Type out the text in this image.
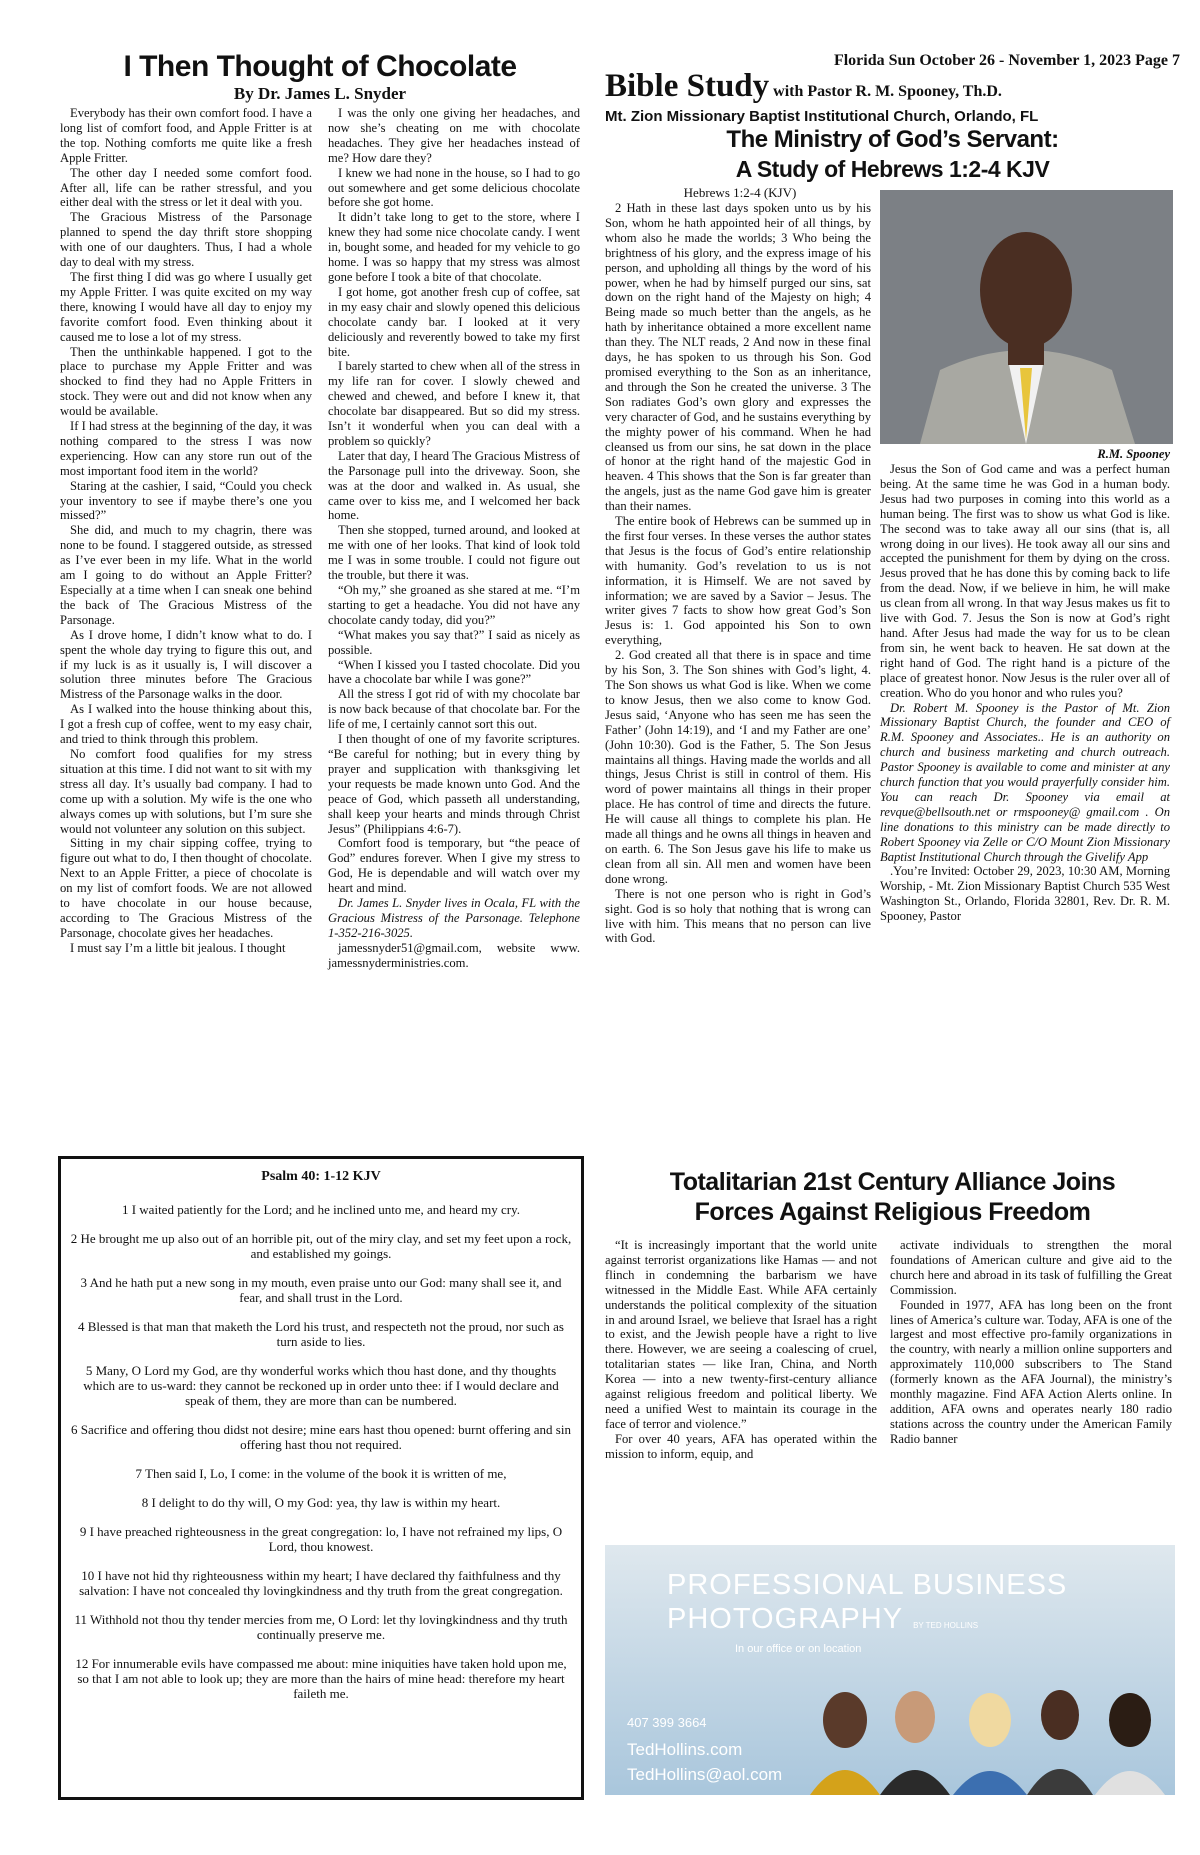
Florida Sun October 26 - November 1, 2023 Page 7
I Then Thought of Chocolate
By Dr. James L. Snyder

Everybody has their own comfort food. I have a long list of comfort food, and Apple Fritter is at the top. Nothing comforts me quite like a fresh Apple Fritter.

The other day I needed some comfort food. After all, life can be rather stressful, and you either deal with the stress or let it deal with you.

The Gracious Mistress of the Parsonage planned to spend the day thrift store shopping with one of our daughters. Thus, I had a whole day to deal with my stress.

The first thing I did was go where I usually get my Apple Fritter. I was quite excited on my way there, knowing I would have all day to enjoy my favorite comfort food. Even thinking about it caused me to lose a lot of my stress.

Then the unthinkable happened. I got to the place to purchase my Apple Fritter and was shocked to find they had no Apple Fritters in stock. They were out and did not know when any would be available.

If I had stress at the beginning of the day, it was nothing compared to the stress I was now experiencing. How can any store run out of the most important food item in the world?

Staring at the cashier, I said, “Could you check your inventory to see if maybe there’s one you missed?”

She did, and much to my chagrin, there was none to be found. I staggered outside, as stressed as I’ve ever been in my life. What in the world am I going to do without an Apple Fritter? Especially at a time when I can sneak one behind the back of The Gracious Mistress of the Parsonage.

As I drove home, I didn’t know what to do. I spent the whole day trying to figure this out, and if my luck is as it usually is, I will discover a solution three minutes before The Gracious Mistress of the Parsonage walks in the door.

As I walked into the house thinking about this, I got a fresh cup of coffee, went to my easy chair, and tried to think through this problem.

No comfort food qualifies for my stress situation at this time. I did not want to sit with my stress all day. It’s usually bad company. I had to come up with a solution. My wife is the one who always comes up with solutions, but I’m sure she would not volunteer any solution on this subject.

Sitting in my chair sipping coffee, trying to figure out what to do, I then thought of chocolate. Next to an Apple Fritter, a piece of chocolate is on my list of comfort foods. We are not allowed to have chocolate in our house because, according to The Gracious Mistress of the Parsonage, chocolate gives her headaches.

I must say I’m a little bit jealous. I thought

I was the only one giving her headaches, and now she’s cheating on me with chocolate headaches. They give her headaches instead of me? How dare they?

I knew we had none in the house, so I had to go out somewhere and get some delicious chocolate before she got home.

It didn’t take long to get to the store, where I knew they had some nice chocolate candy. I went in, bought some, and headed for my vehicle to go home. I was so happy that my stress was almost gone before I took a bite of that chocolate.

I got home, got another fresh cup of coffee, sat in my easy chair and slowly opened this delicious chocolate candy bar. I looked at it very deliciously and reverently bowed to take my first bite.

I barely started to chew when all of the stress in my life ran for cover. I slowly chewed and chewed and chewed, and before I knew it, that chocolate bar disappeared. But so did my stress. Isn’t it wonderful when you can deal with a problem so quickly?

Later that day, I heard The Gracious Mistress of the Parsonage pull into the driveway. Soon, she was at the door and walked in. As usual, she came over to kiss me, and I welcomed her back home.

Then she stopped, turned around, and looked at me with one of her looks. That kind of look told me I was in some trouble. I could not figure out the trouble, but there it was.

“Oh my,” she groaned as she stared at me. “I’m starting to get a headache. You did not have any chocolate candy today, did you?”

“What makes you say that?” I said as nicely as possible.

“When I kissed you I tasted chocolate. Did you have a chocolate bar while I was gone?”

All the stress I got rid of with my chocolate bar is now back because of that chocolate bar. For the life of me, I certainly cannot sort this out.

I then thought of one of my favorite scriptures. “Be careful for nothing; but in every thing by prayer and supplication with thanksgiving let your requests be made known unto God. And the peace of God, which passeth all understanding, shall keep your hearts and minds through Christ Jesus” (Philippians 4:6-7).

Comfort food is temporary, but “the peace of God” endures forever. When I give my stress to God, He is dependable and will watch over my heart and mind.

Dr. James L. Snyder lives in Ocala, FL with the Gracious Mistress of the Parsonage. Telephone 1-352-216-3025.

jamessnyder51@gmail.com, website www. jamessnyderministries.com.

Psalm 40: 1-12 KJV

1 I waited patiently for the Lord; and he inclined unto me, and heard my cry.

2 He brought me up also out of an horrible pit, out of the miry clay, and set my feet upon a rock, and established my goings.

3 And he hath put a new song in my mouth, even praise unto our God: many shall see it, and fear, and shall trust in the Lord.

4 Blessed is that man that maketh the Lord his trust, and respecteth not the proud, nor such as turn aside to lies.

5 Many, O Lord my God, are thy wonderful works which thou hast done, and thy thoughts which are to us-ward: they cannot be reckoned up in order unto thee: if I would declare and speak of them, they are more than can be numbered.

6 Sacrifice and offering thou didst not desire; mine ears hast thou opened: burnt offering and sin offering hast thou not required.

7 Then said I, Lo, I come: in the volume of the book it is written of me,

8 I delight to do thy will, O my God: yea, thy law is within my heart.

9 I have preached righteousness in the great congregation: lo, I have not refrained my lips, O Lord, thou knowest.

10 I have not hid thy righteousness within my heart; I have declared thy faithfulness and thy salvation: I have not concealed thy lovingkindness and thy truth from the great congregation.

11 Withhold not thou thy tender mercies from me, O Lord: let thy lovingkindness and thy truth continually preserve me.

12 For innumerable evils have compassed me about: mine iniquities have taken hold upon me, so that I am not able to look up; they are more than the hairs of mine head: therefore my heart faileth me.

Bible Study with Pastor R. M. Spooney, Th.D.
Mt. Zion Missionary Baptist Institutional Church, Orlando, FL
The Ministry of God’s Servant:
A Study of Hebrews 1:2-4 KJV
Hebrews 1:2-4 (KJV)

2 Hath in these last days spoken unto us by his Son, whom he hath appointed heir of all things, by whom also he made the worlds; 3 Who being the brightness of his glory, and the express image of his person, and upholding all things by the word of his power, when he had by himself purged our sins, sat down on the right hand of the Majesty on high; 4 Being made so much better than the angels, as he hath by inheritance obtained a more excellent name than they. The NLT reads, 2 And now in these final days, he has spoken to us through his Son. God promised everything to the Son as an inheritance, and through the Son he created the universe. 3 The Son radiates God’s own glory and expresses the very character of God, and he sustains everything by the mighty power of his command. When he had cleansed us from our sins, he sat down in the place of honor at the right hand of the majestic God in heaven. 4 This shows that the Son is far greater than the angels, just as the name God gave him is greater than their names.

The entire book of Hebrews can be summed up in the first four verses. In these verses the author states that Jesus is the focus of God’s entire relationship with humanity. God’s revelation to us is not information, it is Himself. We are not saved by information; we are saved by a Savior – Jesus. The writer gives 7 facts to show how great God’s Son Jesus is: 1. God appointed his Son to own everything,

2. God created all that there is in space and time by his Son, 3. The Son shines with God’s light, 4. The Son shows us what God is like. When we come to know Jesus, then we also come to know God. Jesus said, ‘Anyone who has seen me has seen the Father’ (John 14:19), and ‘I and my Father are one’ (John 10:30). God is the Father, 5. The Son Jesus maintains all things. Having made the worlds and all things, Jesus Christ is still in control of them. His word of power maintains all things in their proper place. He has control of time and directs the future. He will cause all things to complete his plan. He made all things and he owns all things in heaven and on earth. 6. The Son Jesus gave his life to make us clean from all sin. All men and women have been done wrong.

There is not one person who is right in God’s sight. God is so holy that nothing that is wrong can live with him. This means that no person can live with God.

R.M. Spooney

Jesus the Son of God came and was a perfect human being. At the same time he was God in a human body. Jesus had two purposes in coming into this world as a human being. The first was to show us what God is like. The second was to take away all our sins (that is, all wrong doing in our lives). He took away all our sins and accepted the punishment for them by dying on the cross. Jesus proved that he has done this by coming back to life from the dead. Now, if we believe in him, he will make us clean from all wrong. In that way Jesus makes us fit to live with God. 7. Jesus the Son is now at God’s right hand. After Jesus had made the way for us to be clean from sin, he went back to heaven. He sat down at the right hand of God. The right hand is a picture of the place of greatest honor. Now Jesus is the ruler over all of creation. Who do you honor and who rules you?

Dr. Robert M. Spooney is the Pastor of Mt. Zion Missionary Baptist Church, the founder and CEO of R.M. Spooney and Associates.. He is an authority on church and business marketing and church outreach. Pastor Spooney is available to come and minister at any church function that you would prayerfully consider him. You can reach Dr. Spooney via email at revque@bellsouth.net or rmspooney@ gmail.com . On line donations to this ministry can be made directly to Robert Spooney via Zelle or C/O Mount Zion Missionary Baptist Institutional Church through the Givelify App

.You’re Invited: October 29, 2023, 10:30 AM, Morning Worship, - Mt. Zion Missionary Baptist Church 535 West Washington St., Orlando, Florida 32801, Rev. Dr. R. M. Spooney, Pastor

Totalitarian 21st Century Alliance Joins
Forces Against Religious Freedom

“It is increasingly important that the world unite against terrorist organizations like Hamas — and not flinch in condemning the barbarism we have witnessed in the Middle East. While AFA certainly understands the political complexity of the situation in and around Israel, we believe that Israel has a right to exist, and the Jewish people have a right to live there. However, we are seeing a coalescing of cruel, totalitarian states — like Iran, China, and North Korea — into a new twenty-first-century alliance against religious freedom and political liberty. We need a unified West to maintain its courage in the face of terror and violence.”

For over 40 years, AFA has operated within the mission to inform, equip, and

activate individuals to strengthen the moral foundations of American culture and give aid to the church here and abroad in its task of fulfilling the Great Commission.

Founded in 1977, AFA has long been on the front lines of America’s culture war. Today, AFA is one of the largest and most effective pro-family organizations in the country, with nearly a million online supporters and approximately 110,000 subscribers to The Stand (formerly known as the AFA Journal), the ministry’s monthly magazine. Find AFA Action Alerts online. In addition, AFA owns and operates nearly 180 radio stations across the country under the American Family Radio banner

PROFESSIONAL BUSINESS
PHOTOGRAPHY BY TED HOLLINS
In our office or on location
407 399 3664
TedHollins.com
TedHollins@aol.com
